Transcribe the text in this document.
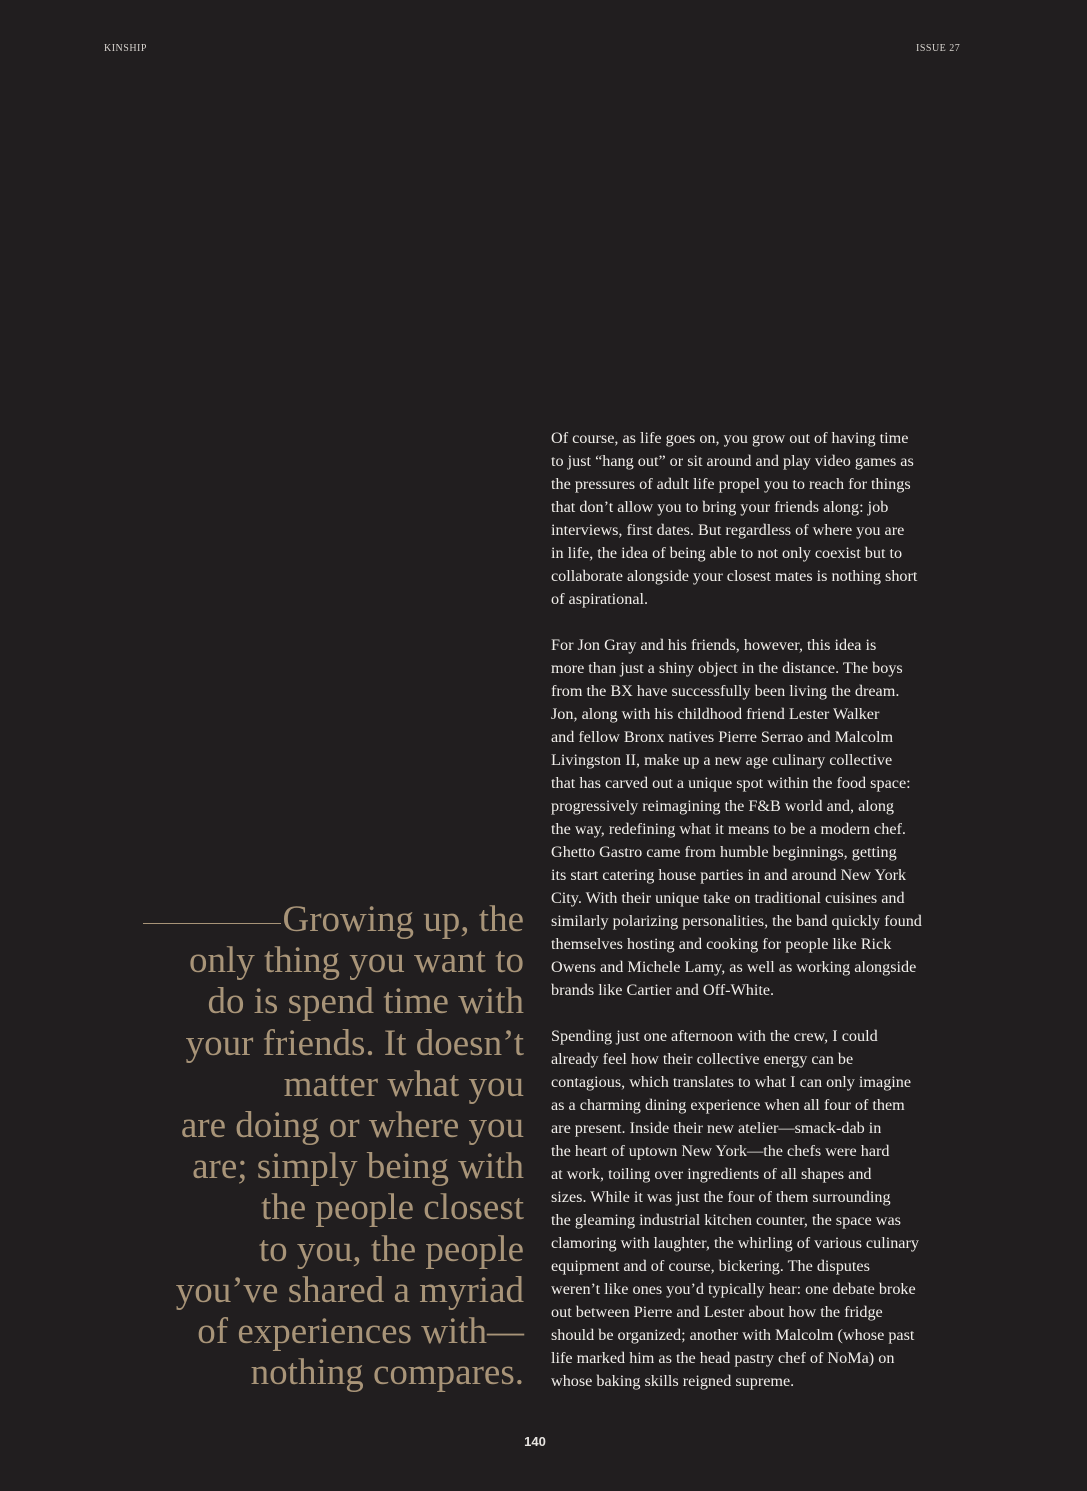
KINSHIP	ISSUE 27
Growing up, the
only thing you want to
do is spend time with
your friends. It doesn’t
matter what you
are doing or where you
are; simply being with
the people closest
to you, the people
you’ve shared a myriad
of experiences with—
nothing compares.

Of course, as life goes on, you grow out of having time
to just “hang out” or sit around and play video games as
the pressures of adult life propel you to reach for things
that don’t allow you to bring your friends along: job
interviews, first dates. But regardless of where you are
in life, the idea of being able to not only coexist but to
collaborate alongside your closest mates is nothing short
of aspirational.

For Jon Gray and his friends, however, this idea is
more than just a shiny object in the distance. The boys
from the BX have successfully been living the dream.
Jon, along with his childhood friend Lester Walker
and fellow Bronx natives Pierre Serrao and Malcolm
Livingston II, make up a new age culinary collective
that has carved out a unique spot within the food space:
progressively reimagining the F&B world and, along
the way, redefining what it means to be a modern chef.
Ghetto Gastro came from humble beginnings, getting
its start catering house parties in and around New York
City. With their unique take on traditional cuisines and
similarly polarizing personalities, the band quickly found
themselves hosting and cooking for people like Rick
Owens and Michele Lamy, as well as working alongside
brands like Cartier and Off-White.

Spending just one afternoon with the crew, I could
already feel how their collective energy can be
contagious, which translates to what I can only imagine
as a charming dining experience when all four of them
are present. Inside their new atelier—smack-dab in
the heart of uptown New York—the chefs were hard
at work, toiling over ingredients of all shapes and
sizes. While it was just the four of them surrounding
the gleaming industrial kitchen counter, the space was
clamoring with laughter, the whirling of various culinary
equipment and of course, bickering. The disputes
weren’t like ones you’d typically hear: one debate broke
out between Pierre and Lester about how the fridge
should be organized; another with Malcolm (whose past
life marked him as the head pastry chef of NoMa) on
whose baking skills reigned supreme.

140
